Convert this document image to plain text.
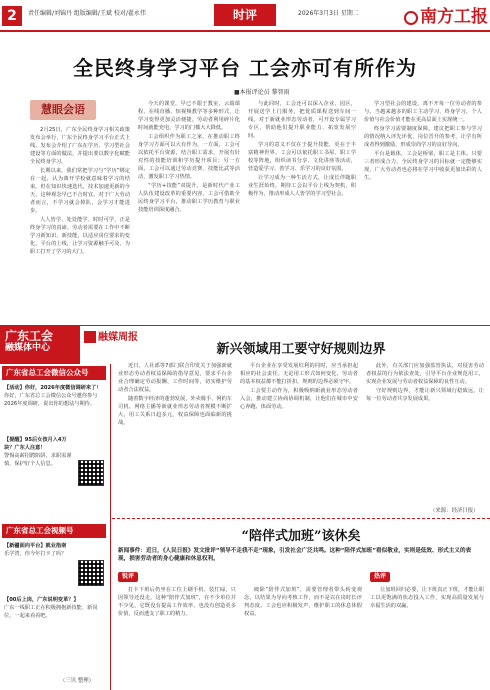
2	责任编辑/刘锦丹 组版编辑/王斌 校对/翟永伟	时评	2026年3月3日 星期二	南方工报
全民终身学习平台 工会亦可有所作为
■本报评论员 黎智雨
慧眼会语

2月25日，广东全民终身学习相关政策发布会举行，广东全民终身学习平台正式上线。发布会介绍了广东在学历、学习型社会建设等方面的做法，并提出要以数字化赋能全民终身学习。

长期以来，我们常把学习与“学历”绑定在一起，认为离开学校就意味着学习的结束。但在知识快速迭代、技术加速更新的今天，这种观念早已不合时宜。对于广大劳动者而言，不学习就会掉队，会学习才能进步。

人人皆学、处处能学、时时可学，正是终身学习的真谛。劳动者需要在工作中不断学习新知识、新技能，以适应岗位要求的变化。平台的上线，让学习资源触手可及，为职工打开了学习的大门。

今天的课堂，早已不限于教室，云端课程、在线直播、短视频教学等多种形式，让学习变得更加灵活便捷。劳动者利用碎片化时间就能充电，学习的门槛大大降低。

工会组织作为职工之家，在推动职工终身学习方面可以大有作为。一方面，工会可以依托平台资源，结合职工需求，开展有针对性的技能培训和学历提升项目；另一方面，工会可以通过劳动竞赛、技能比武等活动，激发职工学习热情。

“学历+技能”双提升，是新时代产业工人队伍建设改革的重要内容。工会可借助全民终身学习平台，推动职工学历教育与职业技能培训深度融合。

与此同时，工会还可以深入企业、园区，开展送学上门服务，把优质课程送到车间一线。对于新就业形态劳动者，可开设专属学习专区，帮助他们提升职业能力，拓宽发展空间。

学习的意义不仅在于提升技能，更在于丰富精神世界。工会可以依托职工书屋、职工学校等阵地，组织读书分享、文化讲座等活动，营造爱学习、善学习、乐学习的良好氛围。

让学习成为一种生活方式，让成长伴随职业生涯始终。期待工会以平台上线为契机，积极作为，推动形成人人皆学的学习型社会。

学习型社会的建设，离不开每一位劳动者的参与。当越来越多的职工主动学习、终身学习，个人价值与社会价值才能在更高层面上实现统一。

终身学习需要制度保障。建议把职工参与学习的情况纳入评先评优、岗位晋升的参考，让学有所成者得到激励，形成崇尚学习的良好导向。

平台是载体，工会是桥梁，职工是主体。只要三者形成合力，全民终身学习的目标就一定能够实现，广大劳动者也必将在学习中收获更加出彩的人生。

广东工会
融媒体中心
融媒周报
新兴领域用工要守好规则边界

近日，人社部等7部门联合印发关于加强新就业形态劳动者权益保障的指导意见，要求平台企业合理确定劳动报酬、工作时间等，切实维护劳动者合法权益。

随着数字经济的蓬勃发展，外卖骑手、网约车司机、网络主播等新就业形态劳动者规模不断扩大，用工关系日趋多元，权益保障也面临新的挑战。

平台企业在享受发展红利的同时，应当承担起相应的社会责任。无论用工形式如何变化，劳动者的基本权益都不能打折扣，规则的边界必须守牢。

工会要主动作为，积极吸纳新就业形态劳动者入会，推动建立协商协调机制，让他们在城市中安心奔跑、体面劳动。

此外，有关部门应加强监管执法，对侵害劳动者权益的行为依法查处，引导平台企业规范用工，实现企业发展与劳动者权益保障的良性互动。

守好规则边界，才能让新兴领域行稳致远，让每一位劳动者共享发展成果。

（来源：经济日报）
“陪伴式加班”该休矣
新闻事件：近日，《人民日报》发文批评“领导不走我不走”现象，引发社会广泛共鸣。这种“陪伴式加班”看似敬业，实则是低效、形式主义的表现，损害劳动者的身心健康和休息权利。
锐评	热评

打卡下班后仍坐在工位上刷手机、装忙碌，只因领导还没走。这种“陪伴式加班”，在不少单位并不少见。它既没有提高工作效率，也没有创造更多价值，反而透支了职工的精力。

破除“陪伴式加班”，需要管理者带头转变观念，以结果为导向考核工作，而不是以在岗时长评判态度。工会也应积极发声，维护职工的休息休假权益。

让加班回归必要，让下班真正下班，才能让职工以更饱满的状态投入工作，实现高质量发展与幸福生活的双赢。

（三贝 整理）
广东省总工会微信公众号
【活动】你好，2026年度微信调研来了！
你好，广东省总工会微信公众号邀你参与2026年度调研，说出你的想法与期待。
【提醒】95后女孩月入4万块？广东人注意！
警惕高薪招聘陷阱，求职需谨慎，保护好个人信息。
广东省总工会视频号
【新疆面向平台】就业指南
乐学湾，你今年打卡了吗？
【00后上岗，广东说明变革？】
广东一线职工正在积极拥抱新技能、新岗位，一起来看看吧。
